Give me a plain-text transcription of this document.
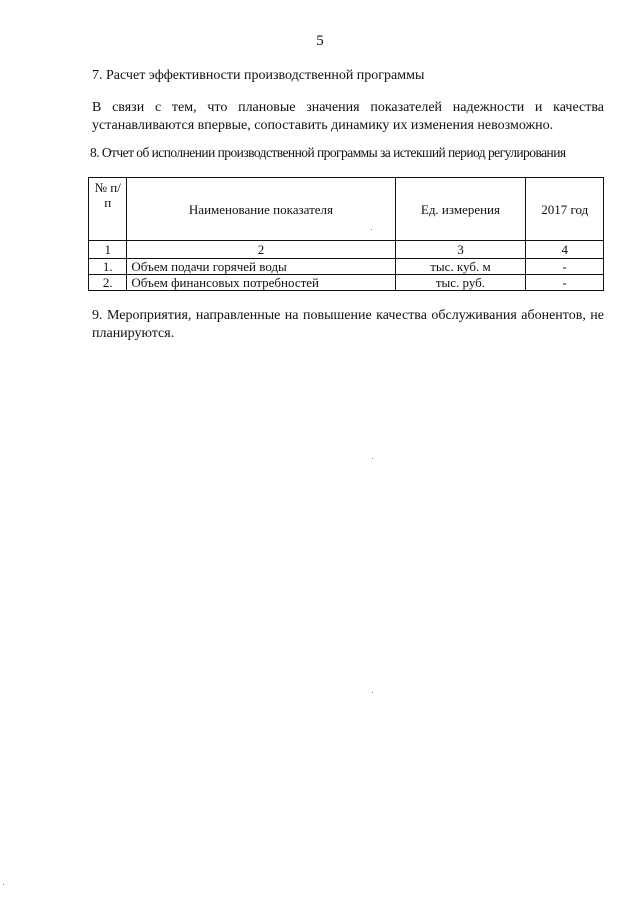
5
7. Расчет эффективности производственной программы
В связи с тем, что плановые значения показателей надежности и качества устанавливаются впервые, сопоставить динамику их изменения невозможно.
8. Отчет об исполнении производственной программы за истекший период регулирования
№ п/п	Наименование показателя	Ед. измерения	2017 год
1	2	3	4
1.	Объем подачи горячей воды	тыс. куб. м	-
2.	Объем финансовых потребностей	тыс. руб.	-
9. Мероприятия, направленные на повышение качества обслуживания абонентов, не планируются.
